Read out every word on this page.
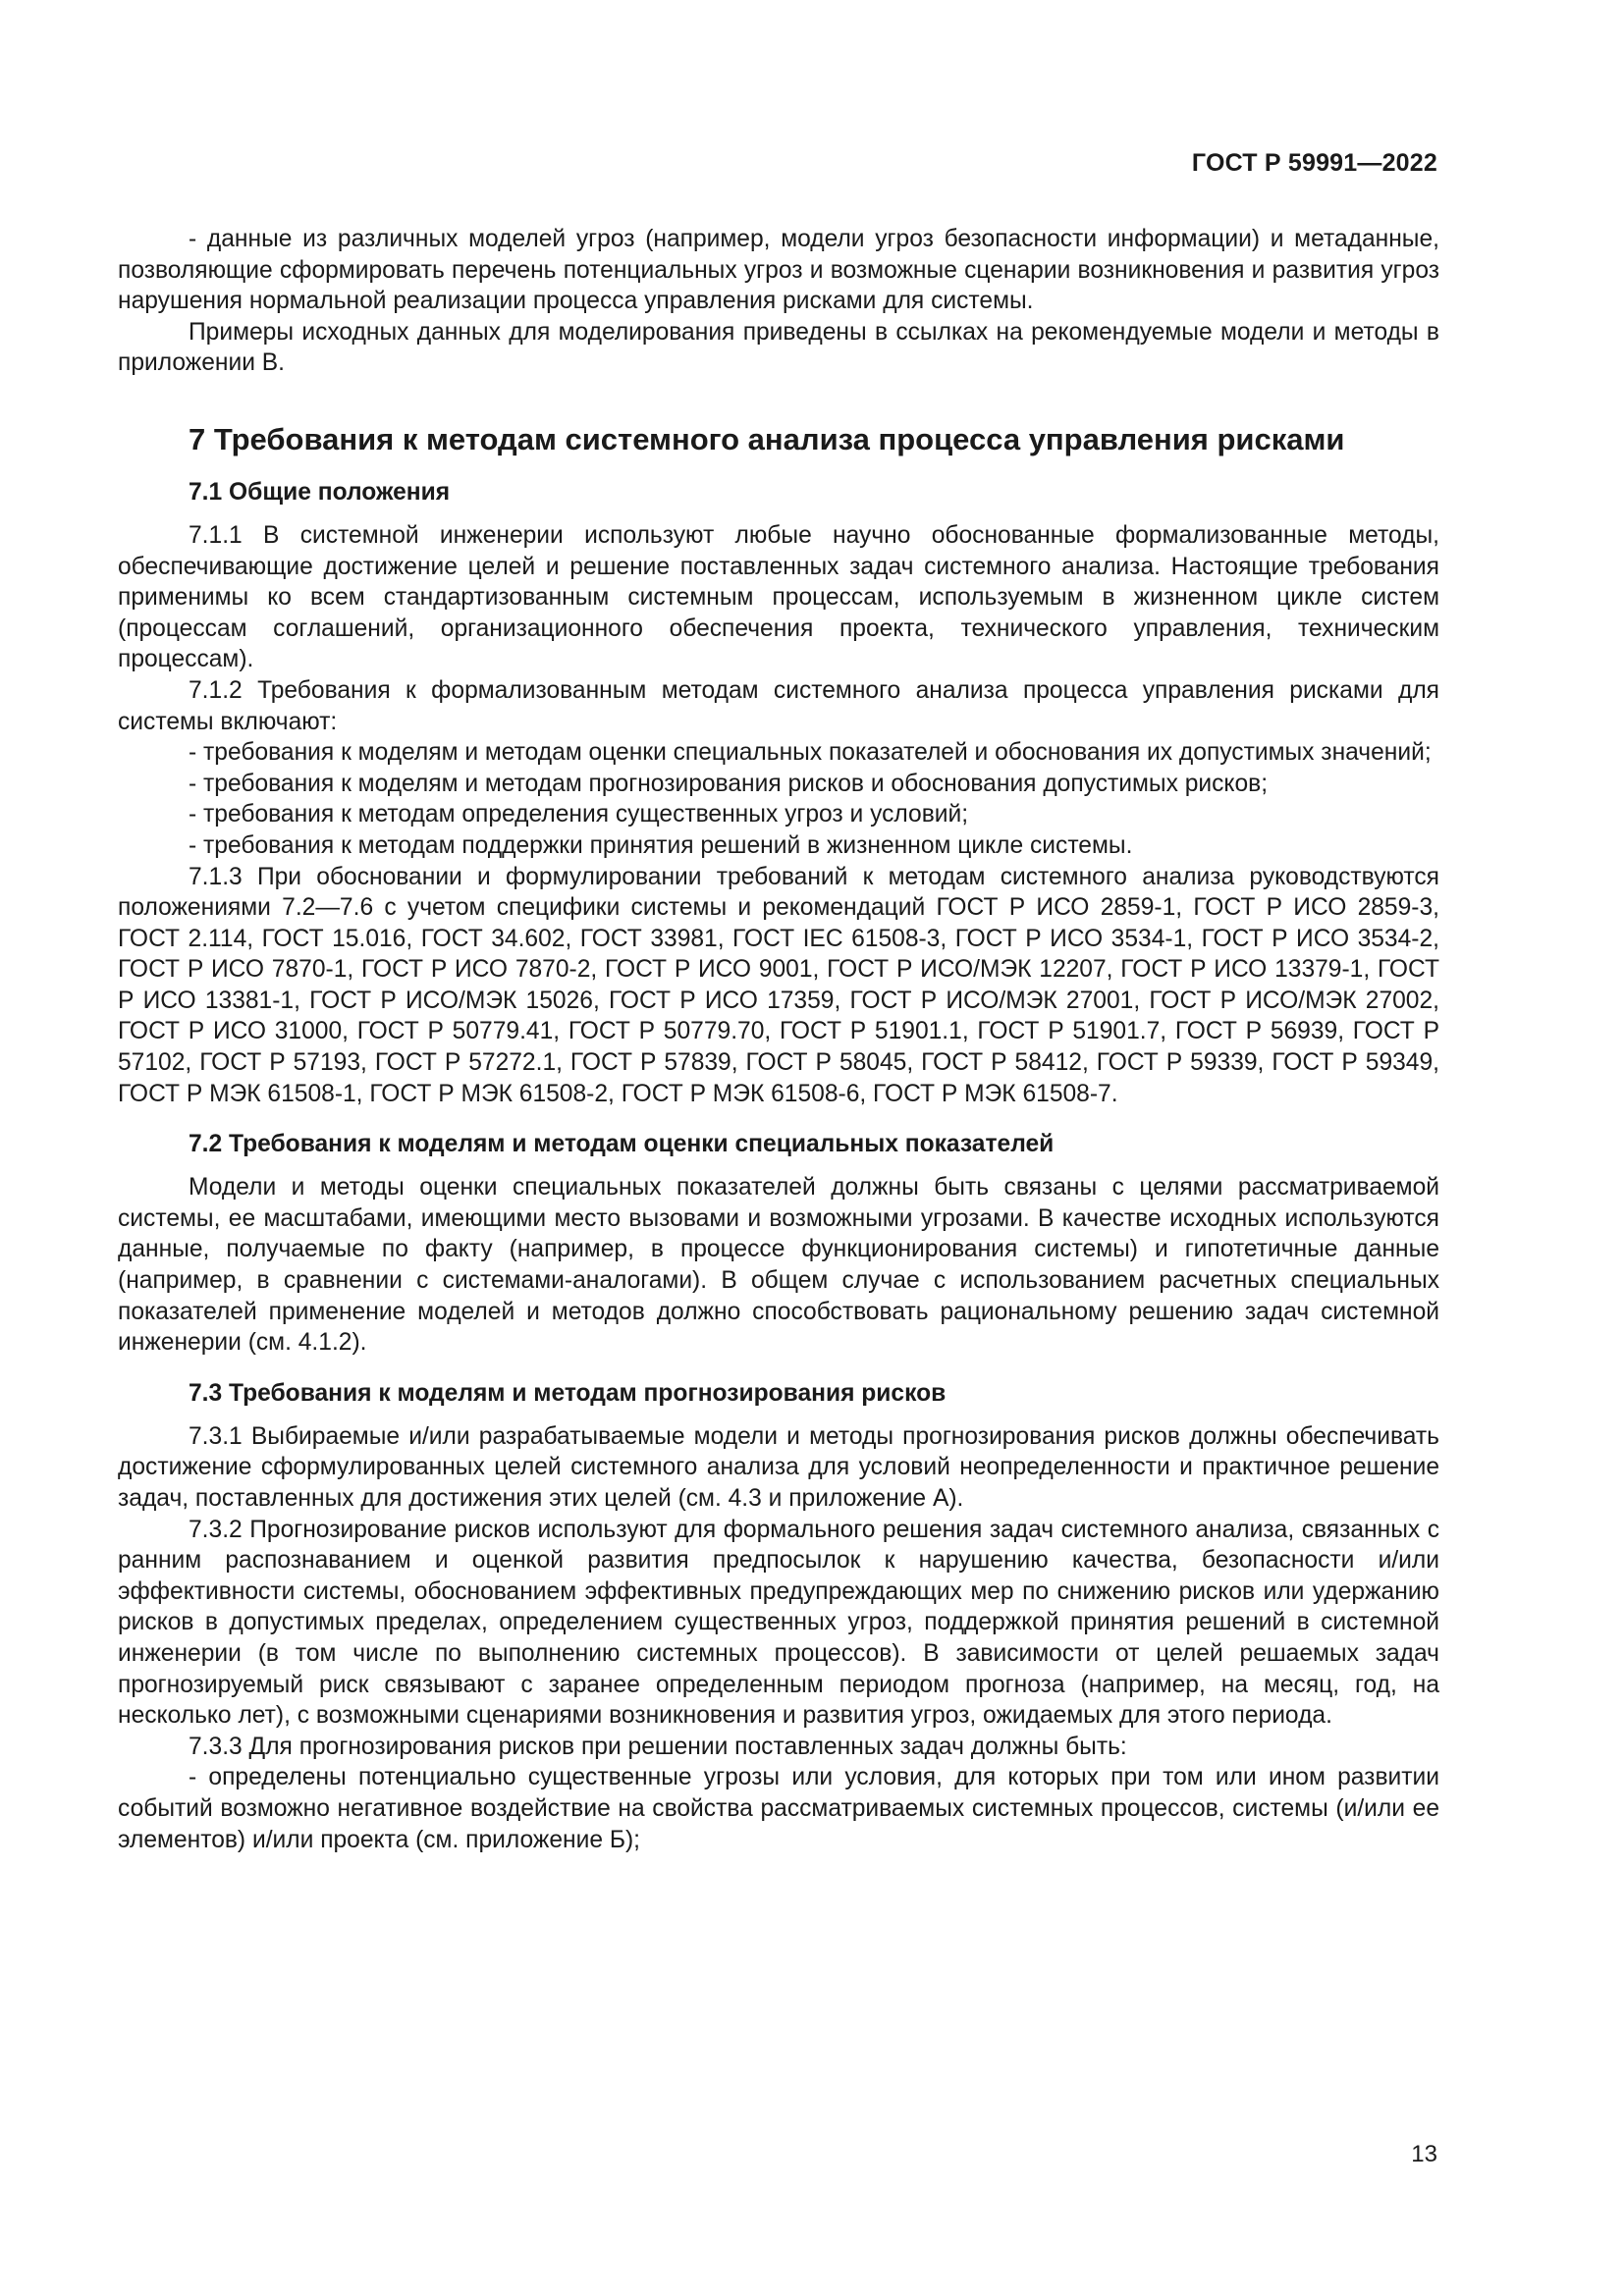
ГОСТ Р 59991—2022

- данные из различных моделей угроз (например, модели угроз безопасности информации) и метаданные, позволяющие сформировать перечень потенциальных угроз и возможные сценарии возникновения и развития угроз нарушения нормальной реализации процесса управления рисками для системы.

Примеры исходных данных для моделирования приведены в ссылках на рекомендуемые модели и методы в приложении В.

7 Требования к методам системного анализа процесса управления рисками
7.1 Общие положения

7.1.1 В системной инженерии используют любые научно обоснованные формализованные методы, обеспечивающие достижение целей и решение поставленных задач системного анализа. Настоящие требования применимы ко всем стандартизованным системным процессам, используемым в жизненном цикле систем (процессам соглашений, организационного обеспечения проекта, технического управления, техническим процессам).

7.1.2 Требования к формализованным методам системного анализа процесса управления рисками для системы включают:

- требования к моделям и методам оценки специальных показателей и обоснования их допустимых значений;

- требования к моделям и методам прогнозирования рисков и обоснования допустимых рисков;

- требования к методам определения существенных угроз и условий;

- требования к методам поддержки принятия решений в жизненном цикле системы.

7.1.3 При обосновании и формулировании требований к методам системного анализа руководствуются положениями 7.2—7.6 с учетом специфики системы и рекомендаций ГОСТ Р ИСО 2859-1, ГОСТ Р ИСО 2859-3, ГОСТ 2.114, ГОСТ 15.016, ГОСТ 34.602, ГОСТ 33981, ГОСТ IEC 61508-3, ГОСТ Р ИСО 3534-1, ГОСТ Р ИСО 3534-2, ГОСТ Р ИСО 7870-1, ГОСТ Р ИСО 7870-2, ГОСТ Р ИСО 9001, ГОСТ Р ИСО/МЭК 12207, ГОСТ Р ИСО 13379-1, ГОСТ Р ИСО 13381-1, ГОСТ Р ИСО/МЭК 15026, ГОСТ Р ИСО 17359, ГОСТ Р ИСО/МЭК 27001, ГОСТ Р ИСО/МЭК 27002, ГОСТ Р ИСО 31000, ГОСТ Р 50779.41, ГОСТ Р 50779.70, ГОСТ Р 51901.1, ГОСТ Р 51901.7, ГОСТ Р 56939, ГОСТ Р 57102, ГОСТ Р 57193, ГОСТ Р 57272.1, ГОСТ Р 57839, ГОСТ Р 58045, ГОСТ Р 58412, ГОСТ Р 59339, ГОСТ Р 59349, ГОСТ Р МЭК 61508-1, ГОСТ Р МЭК 61508-2, ГОСТ Р МЭК 61508-6, ГОСТ Р МЭК 61508-7.

7.2 Требования к моделям и методам оценки специальных показателей

Модели и методы оценки специальных показателей должны быть связаны с целями рассматриваемой системы, ее масштабами, имеющими место вызовами и возможными угрозами. В качестве исходных используются данные, получаемые по факту (например, в процессе функционирования системы) и гипотетичные данные (например, в сравнении с системами-аналогами). В общем случае с использованием расчетных специальных показателей применение моделей и методов должно способствовать рациональному решению задач системной инженерии (см. 4.1.2).

7.3 Требования к моделям и методам прогнозирования рисков

7.3.1 Выбираемые и/или разрабатываемые модели и методы прогнозирования рисков должны обеспечивать достижение сформулированных целей системного анализа для условий неопределенности и практичное решение задач, поставленных для достижения этих целей (см. 4.3 и приложение А).

7.3.2 Прогнозирование рисков используют для формального решения задач системного анализа, связанных с ранним распознаванием и оценкой развития предпосылок к нарушению качества, безопасности и/или эффективности системы, обоснованием эффективных предупреждающих мер по снижению рисков или удержанию рисков в допустимых пределах, определением существенных угроз, поддержкой принятия решений в системной инженерии (в том числе по выполнению системных процессов). В зависимости от целей решаемых задач прогнозируемый риск связывают с заранее определенным периодом прогноза (например, на месяц, год, на несколько лет), с возможными сценариями возникновения и развития угроз, ожидаемых для этого периода.

7.3.3 Для прогнозирования рисков при решении поставленных задач должны быть:

- определены потенциально существенные угрозы или условия, для которых при том или ином развитии событий возможно негативное воздействие на свойства рассматриваемых системных процессов, системы (и/или ее элементов) и/или проекта (см. приложение Б);

13
